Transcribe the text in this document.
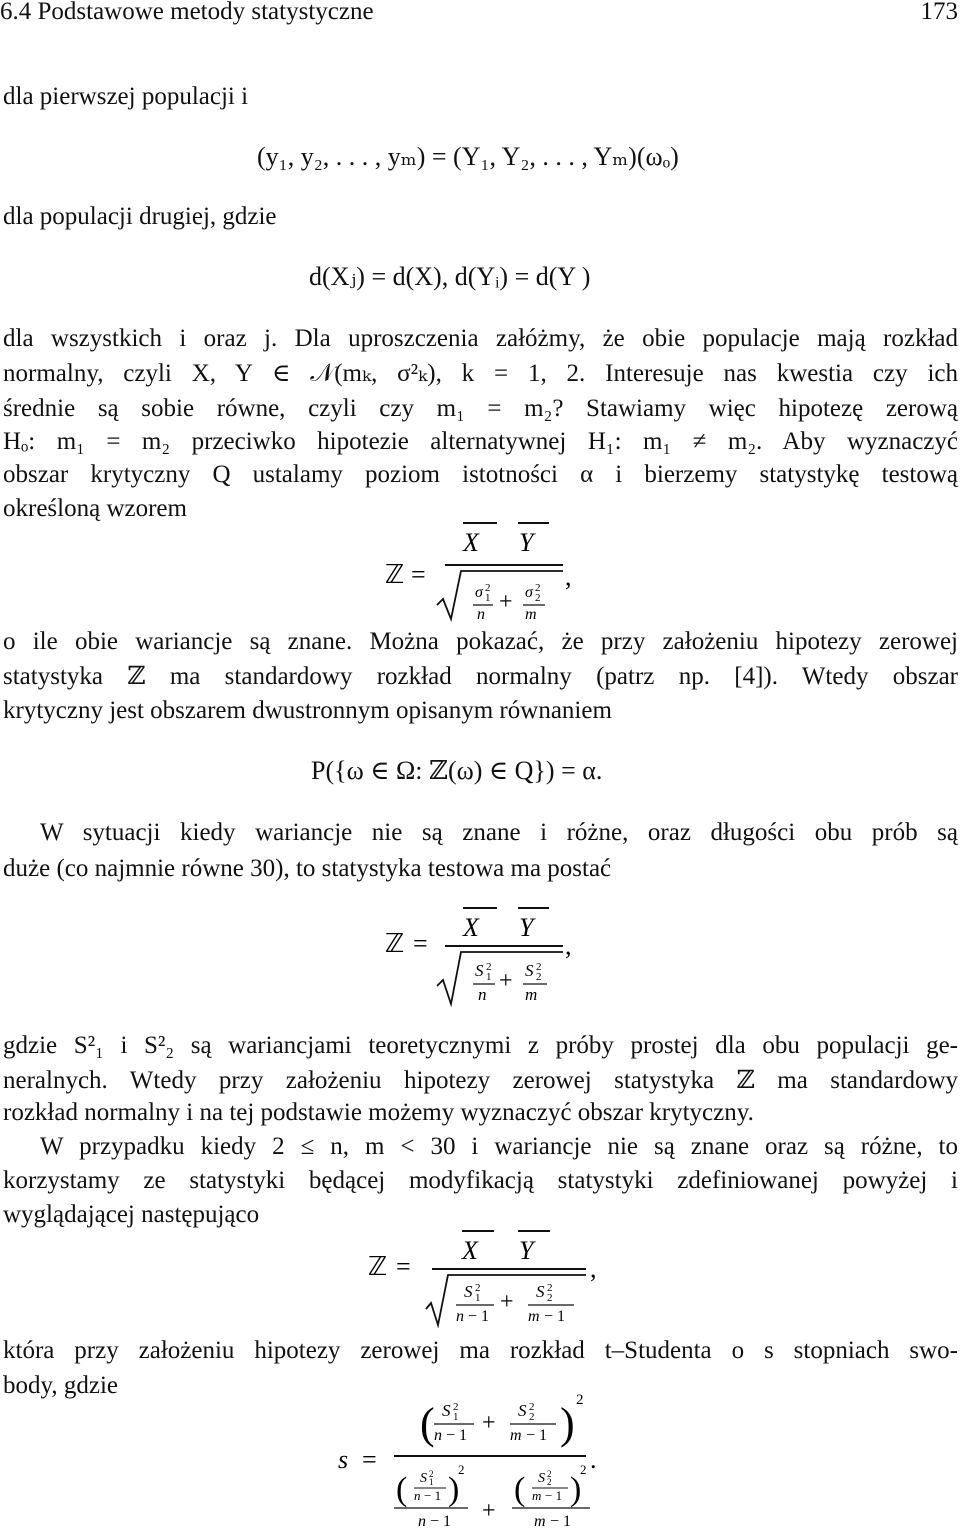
6.4 Podstawowe metody statystyczne	173
dla pierwszej populacji i
(y₁, y₂, . . . , yₘ) = (Y₁, Y₂, . . . , Yₘ)(ωₒ)
dla populacji drugiej, gdzie
d(Xⱼ) = d(X), d(Yᵢ) = d(Y )
dla wszystkich i oraz j. Dla uproszczenia załóżmy, że obie populacje mają rozkład
normalny, czyli X, Y ∈ 𝒩(mₖ, σ²ₖ), k = 1, 2. Interesuje nas kwestia czy ich
średnie są sobie równe, czyli czy m₁ = m₂? Stawiamy więc hipotezę zerową
Hₒ: m₁ = m₂ przeciwko hipotezie alternatywnej H₁: m₁ ≠ m₂. Aby wyznaczyć
obszar krytyczny Q ustalamy poziom istotności α i bierzemy statystykę testową
określoną wzorem
ℤ =
X Y
σ 2
1
n + σ 2
2
m
,
o ile obie wariancje są znane. Można pokazać, że przy założeniu hipotezy zerowej
statystyka ℤ ma standardowy rozkład normalny (patrz np. [4]). Wtedy obszar
krytyczny jest obszarem dwustronnym opisanym równaniem
P({ω ∈ Ω: ℤ(ω) ∈ Q}) = α.
W sytuacji kiedy wariancje nie są znane i różne, oraz długości obu prób są
duże (co najmnie równe 30), to statystyka testowa ma postać
ℤ =
X Y
S 2
1
n
+ S 2
2
m
,
gdzie S²₁ i S²₂ są wariancjami teoretycznymi z próby prostej dla obu populacji ge-
neralnych. Wtedy przy założeniu hipotezy zerowej statystyka ℤ ma standardowy
rozkład normalny i na tej podstawie możemy wyznaczyć obszar krytyczny.
W przypadku kiedy 2 ≤ n, m < 30 i wariancje nie są znane oraz są różne, to
korzystamy ze statystyki będącej modyfikacją statystyki zdefiniowanej powyżej i
wyglądającej następująco
ℤ =
X Y
S 2
1
n − 1
+ S 2
2
m − 1
,
która przy założeniu hipotezy zerowej ma rozkład t–Studenta o s stopniach swo-
body, gdzie
s =
( S 2
1
n − 1 + S 2
2
m − 1 ) 2
( S 2
1
n − 1 )
2
n − 1 +
( S 2
2
m − 1 )
2
m − 1
.
